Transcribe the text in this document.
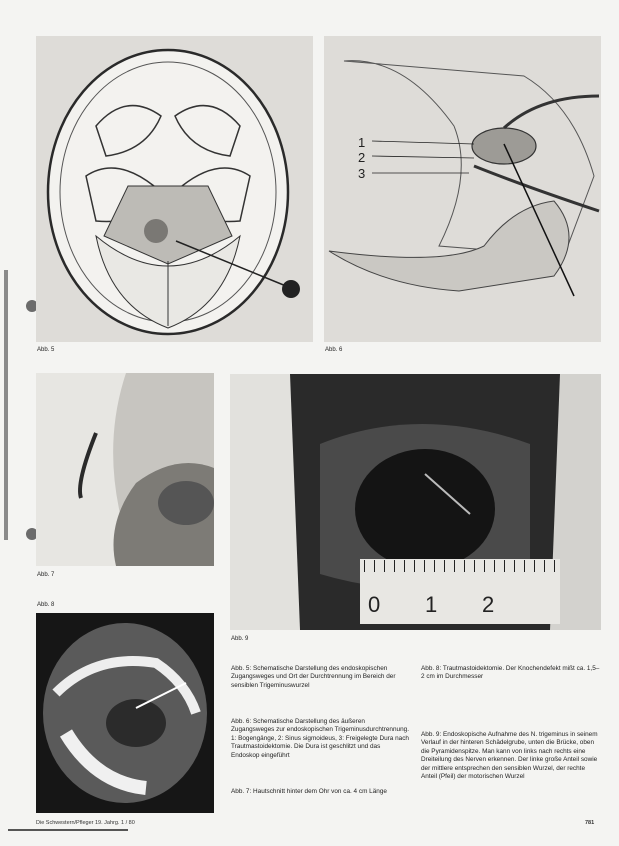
Abb. 5
1
2
3
Abb. 6
Abb. 7
Abb. 8	0 1 2
Abb. 9
Abb. 5: Schematische Darstellung des endoskopischen Zugangsweges und Ort der Durchtrennung im Bereich der sensiblen Trigeminuswurzel
Abb. 6: Schematische Darstellung des äußeren Zugangsweges zur endoskopischen Trigeminusdurchtrennung. 1: Bogengänge, 2: Sinus sigmoideus, 3: Freigelegte Dura nach Trautmastoidektomie. Die Dura ist geschlitzt und das Endoskop eingeführt
Abb. 7: Hautschnitt hinter dem Ohr von ca. 4 cm Länge
Abb. 8: Trautmastoidektomie. Der Knochendefekt mißt ca. 1,5–2 cm im Durchmesser
Abb. 9: Endoskopische Aufnahme des N. trigeminus in seinem Verlauf in der hinteren Schädelgrube, unten die Brücke, oben die Pyramidenspitze. Man kann von links nach rechts eine Dreiteilung des Nerven erkennen. Der linke große Anteil sowie der mittlere entsprechen den sensiblen Wurzel, der rechte Anteil (Pfeil) der motorischen Wurzel
Die Schwestern/Pfleger 19. Jahrg. 1 / 80	781
